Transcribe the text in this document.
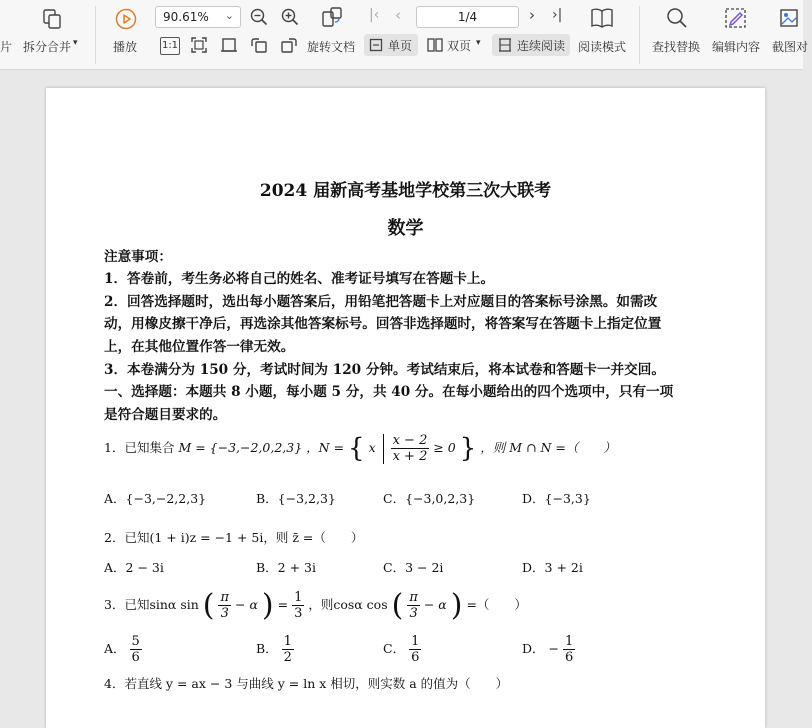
片 拆分合并 ▾	播放
90.61% ⌄
1:1	旋转文档	单页	双页 ▾	连续阅读
|‹ ‹	1/4	› ›|
阅读模式 查找替换 编辑内容 截图对
2024 届新高考基地学校第三次大联考
数学
注意事项：
1．答卷前，考生务必将自己的姓名、准考证号填写在答题卡上。
2．回答选择题时，选出每小题答案后，用铅笔把答题卡上对应题目的答案标号涂黑。如需改
动，用橡皮擦干净后，再选涂其他答案标号。回答非选择题时，将答案写在答题卡上指定位置
上，在其他位置作答一律无效。
3．本卷满分为 150 分，考试时间为 120 分钟。考试结束后，将本试卷和答题卡一并交回。
一、选择题：本题共 8 小题，每小题 5 分，共 40 分。在每小题给出的四个选项中，只有一项
是符合题目要求的。
1．已知集合 M = {−3,−2,0,2,3} ，N = { x $\frac{x - 2}{x + 2} \ge 0$ } ，则 M ∩ N =（　　）
A．{−3,−2,2,3}	B．{−3,2,3}	C．{−3,0,2,3}	D．{−3,3}
2．已知(1 + i)z = −1 + 5i，则 z̄ =（　　）
A．2 − 3i	B．2 + 3i	C．3 − 2i	D．3 + 2i
3．已知sinα sin ( $\frac{\pi}{3} - \alpha$ ) = $\frac{1}{3}$ ，则cosα cos ( $\frac{\pi}{3} - \alpha$ ) =（　　）
A． $\frac{5}{6}$	B． $\frac{1}{2}$	C． $\frac{1}{6}$	D． − $\frac{1}{6}$
4．若直线 y = ax − 3 与曲线 y = ln x 相切，则实数 a 的值为（　　）
